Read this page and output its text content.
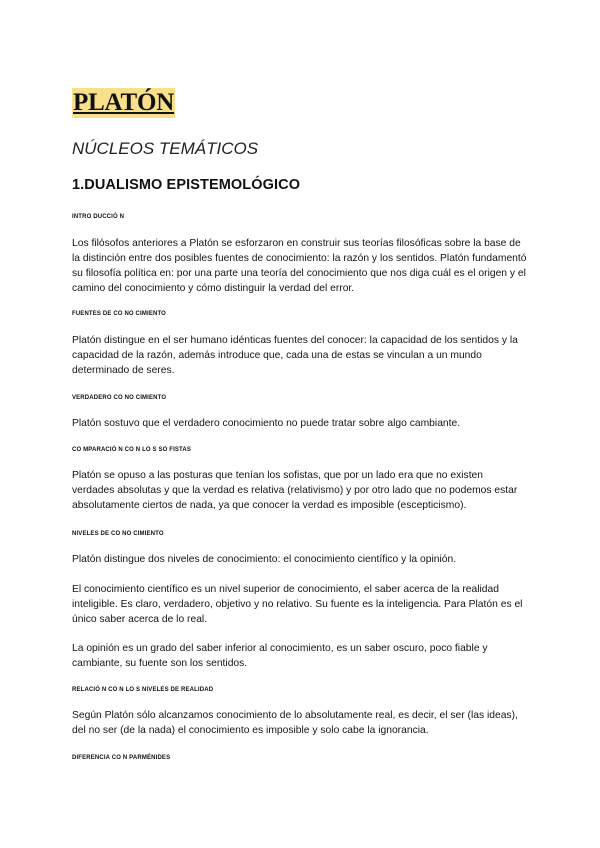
PLATÓN
NÚCLEOS TEMÁTICOS
1.DUALISMO EPISTEMOLÓGICO
INTRO DUCCIÓ N

Los filósofos anteriores a Platón se esforzaron en construir sus teorías filosóficas sobre la base de la distinción entre dos posibles fuentes de conocimiento: la razón y los sentidos. Platón fundamentó su filosofía política en: por una parte una teoría del conocimiento que nos diga cuál es el origen y el camino del conocimiento y cómo distinguir la verdad del error.

FUENTES DE CO NO CIMIENTO

Platón distingue en el ser humano idénticas fuentes del conocer: la capacidad de los sentidos y la capacidad de la razón, además introduce que, cada una de estas se vinculan a un mundo determinado de seres.

VERDADERO CO NO CIMIENTO

Platón sostuvo que el verdadero conocimiento no puede tratar sobre algo cambiante.

CO MPARACIÓ N CO N LO S SO FISTAS

Platón se opuso a las posturas que tenían los sofistas, que por un lado era que no existen verdades absolutas y que la verdad es relativa (relativismo) y por otro lado que no podemos estar absolutamente ciertos de nada, ya que conocer la verdad es imposible (escepticismo).

NIVELES DE CO NO CIMIENTO

Platón distingue dos niveles de conocimiento: el conocimiento científico y la opinión.

El conocimiento científico es un nivel superior de conocimiento, el saber acerca de la realidad inteligible. Es claro, verdadero, objetivo y no relativo. Su fuente es la inteligencia. Para Platón es el único saber acerca de lo real.

La opinión es un grado del saber inferior al conocimiento, es un saber oscuro, poco fiable y cambiante, su fuente son los sentidos.

RELACIÓ N CO N LO S NIVELES DE REALIDAD

Según Platón sólo alcanzamos conocimiento de lo absolutamente real, es decir, el ser (las ideas), del no ser (de la nada) el conocimiento es imposible y solo cabe la ignorancia.

DIFERENCIA CO N PARMÉNIDES
